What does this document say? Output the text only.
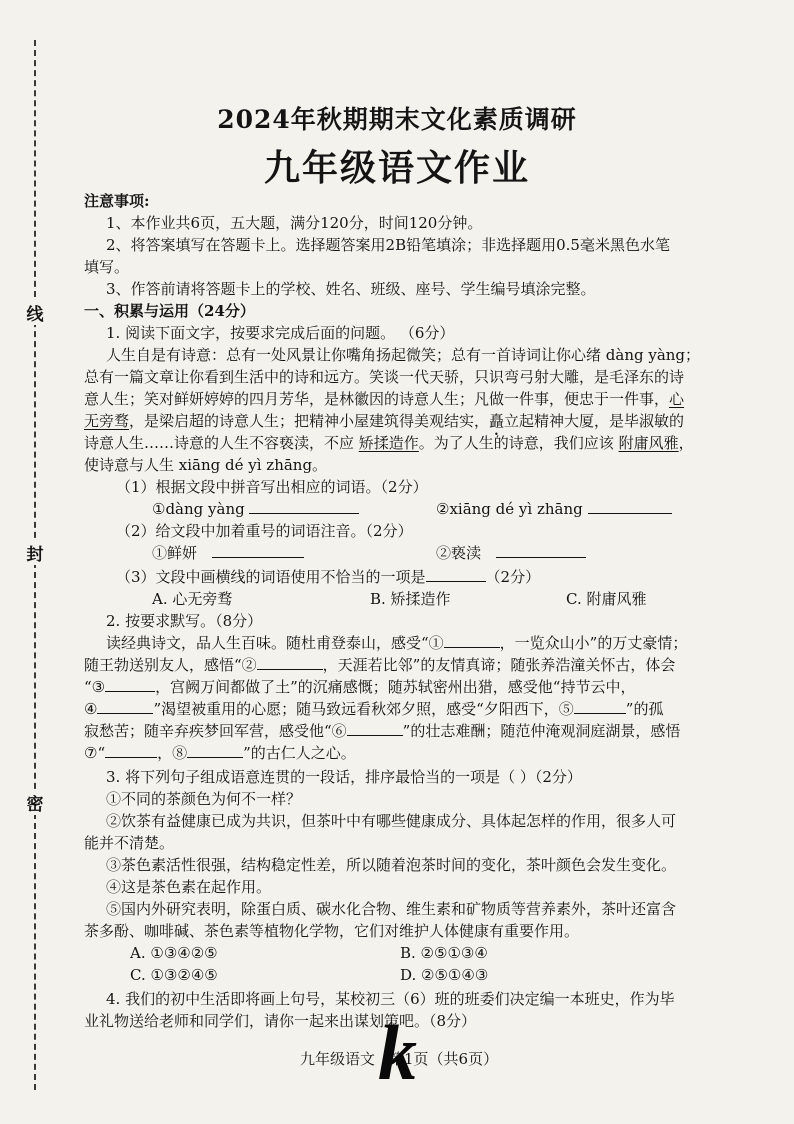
线
封
密
2024年秋期期末文化素质调研
九年级语文作业
注意事项:
1、本作业共6页，五大题，满分120分，时间120分钟。
2、将答案填写在答题卡上。选择题答案用2B铅笔填涂；非选择题用0.5毫米黑色水笔
填写。
3、作答前请将答题卡上的学校、姓名、班级、座号、学生编号填涂完整。
一、积累与运用（24分）
1. 阅读下面文字，按要求完成后面的问题。 （6分）
人生自是有诗意：总有一处风景让你嘴角扬起微笑；总有一首诗词让你心绪 dàng yàng；
总有一篇文章让你看到生活中的诗和远方。笑谈一代天骄，只识弯弓射大雕，是毛泽东的诗
意人生；笑对鲜妍婷婷的四月芳华，是林徽因的诗意人生；凡做一件事，便忠于一件事，心
无旁骛，是梁启超的诗意人生；把精神小屋建筑得美观结实，矗立起精神大厦，是毕淑敏的
诗意人生……诗意的人生不容亵渎，不应 矫揉造作。为了人生的诗意，我们应该 附庸风雅，
使诗意与人生 xiāng dé yì zhāng。
（1）根据文段中拼音写出相应的词语。（2分）
①dàng yàng	②xiāng dé yì zhāng
（2）给文段中加着重号的词语注音。（2分）
①鲜妍	②亵渎
（3）文段中画横线的词语使用不恰当的一项是	（2分）
A. 心无旁骛	B. 矫揉造作	C. 附庸风雅
2. 按要求默写。（8分）
读经典诗文，品人生百味。随杜甫登泰山，感受“①	，一览众山小”的万丈豪情；
随王勃送别友人，感悟“②	，天涯若比邻”的友情真谛；随张养浩潼关怀古，体会
“③	，宫阙万间都做了土”的沉痛感慨；随苏轼密州出猎，感受他“持节云中，
④	”渴望被重用的心愿；随马致远看秋郊夕照，感受“夕阳西下，⑤	”的孤
寂愁苦；随辛弃疾梦回军营，感受他“⑥	”的壮志难酬；随范仲淹观洞庭湖景，感悟
⑦“	，⑧	”的古仁人之心。
3. 将下列句子组成语意连贯的一段话，排序最恰当的一项是（ ）（2分）
①不同的茶颜色为何不一样？
②饮茶有益健康已成为共识，但茶叶中有哪些健康成分、具体起怎样的作用，很多人可
能并不清楚。
③茶色素活性很强，结构稳定性差，所以随着泡茶时间的变化，茶叶颜色会发生变化。
④这是茶色素在起作用。
⑤国内外研究表明，除蛋白质、碳水化合物、维生素和矿物质等营养素外，茶叶还富含
茶多酚、咖啡碱、茶色素等植物化学物，它们对维护人体健康有重要作用。
A. ①③④②⑤	B. ②⑤①③④
C. ①③②④⑤	D. ②⑤①④③
4. 我们的初中生活即将画上句号，某校初三（6）班的班委们决定编一本班史，作为毕
业礼物送给老师和同学们，请你一起来出谋划策吧。（8分）
九年级语文 第1页（共6页）
k
